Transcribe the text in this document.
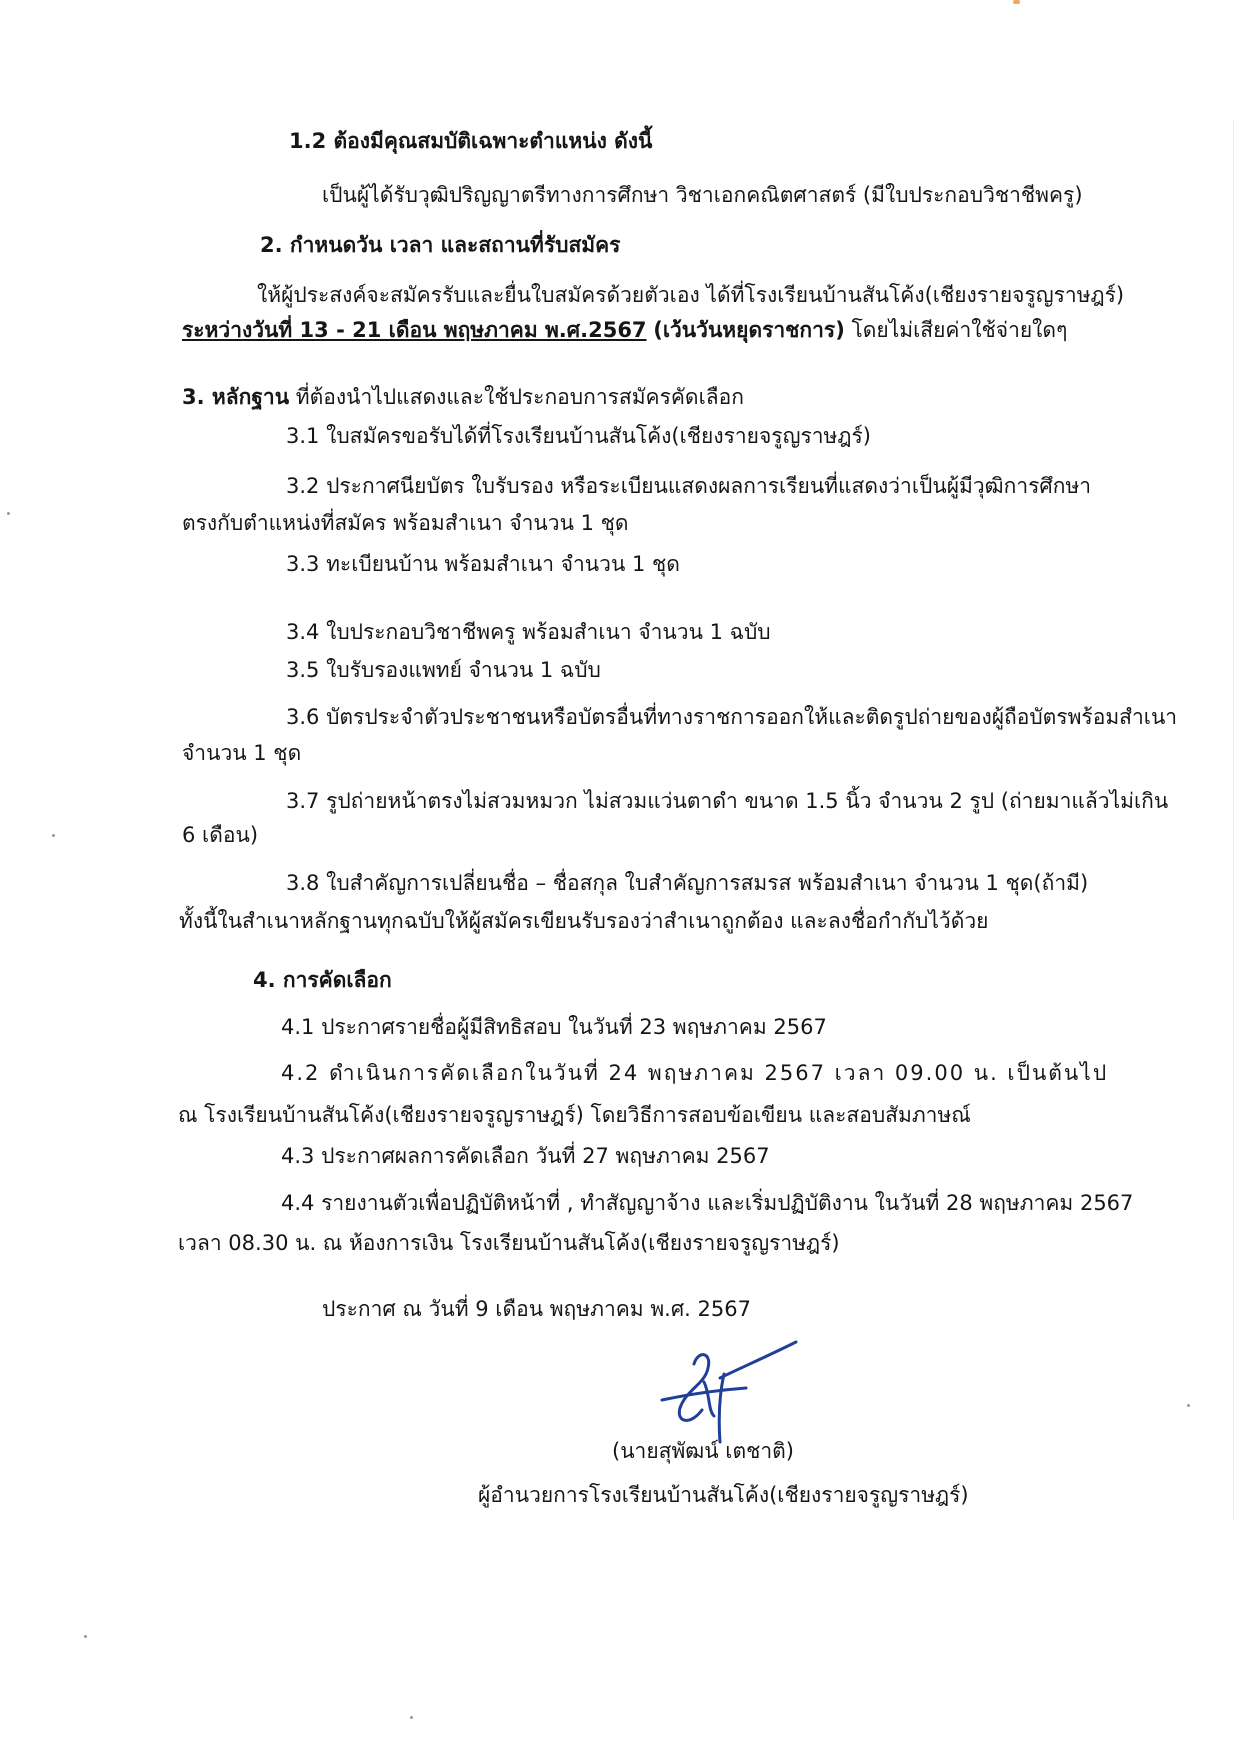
1.2 ต้องมีคุณสมบัติเฉพาะตำแหน่ง ดังนี้
เป็นผู้ได้รับวุฒิปริญญาตรีทางการศึกษา วิชาเอกคณิตศาสตร์ (มีใบประกอบวิชาชีพครู)
2. กำหนดวัน เวลา และสถานที่รับสมัคร
ให้ผู้ประสงค์จะสมัครรับและยื่นใบสมัครด้วยตัวเอง ได้ที่โรงเรียนบ้านสันโค้ง(เชียงรายจรูญราษฎร์)
ระหว่างวันที่ 13 - 21 เดือน พฤษภาคม พ.ศ.2567 (เว้นวันหยุดราชการ) โดยไม่เสียค่าใช้จ่ายใดๆ
3. หลักฐาน ที่ต้องนำไปแสดงและใช้ประกอบการสมัครคัดเลือก
3.1 ใบสมัครขอรับได้ที่โรงเรียนบ้านสันโค้ง(เชียงรายจรูญราษฎร์)
3.2 ประกาศนียบัตร ใบรับรอง หรือระเบียนแสดงผลการเรียนที่แสดงว่าเป็นผู้มีวุฒิการศึกษา
ตรงกับตำแหน่งที่สมัคร พร้อมสำเนา จำนวน 1 ชุด
3.3 ทะเบียนบ้าน พร้อมสำเนา จำนวน 1 ชุด
3.4 ใบประกอบวิชาชีพครู พร้อมสำเนา จำนวน 1 ฉบับ
3.5 ใบรับรองแพทย์ จำนวน 1 ฉบับ
3.6 บัตรประจำตัวประชาชนหรือบัตรอื่นที่ทางราชการออกให้และติดรูปถ่ายของผู้ถือบัตรพร้อมสำเนา
จำนวน 1 ชุด
3.7 รูปถ่ายหน้าตรงไม่สวมหมวก ไม่สวมแว่นตาดำ ขนาด 1.5 นิ้ว จำนวน 2 รูป (ถ่ายมาแล้วไม่เกิน
6 เดือน)
3.8 ใบสำคัญการเปลี่ยนชื่อ – ชื่อสกุล ใบสำคัญการสมรส พร้อมสำเนา จำนวน 1 ชุด(ถ้ามี)
ทั้งนี้ในสำเนาหลักฐานทุกฉบับให้ผู้สมัครเขียนรับรองว่าสำเนาถูกต้อง และลงชื่อกำกับไว้ด้วย
4. การคัดเลือก
4.1 ประกาศรายชื่อผู้มีสิทธิสอบ ในวันที่ 23 พฤษภาคม 2567
4.2 ดำเนินการคัดเลือกในวันที่ 24 พฤษภาคม 2567 เวลา 09.00 น. เป็นต้นไป
ณ โรงเรียนบ้านสันโค้ง(เชียงรายจรูญราษฎร์) โดยวิธีการสอบข้อเขียน และสอบสัมภาษณ์
4.3 ประกาศผลการคัดเลือก วันที่ 27 พฤษภาคม 2567
4.4 รายงานตัวเพื่อปฏิบัติหน้าที่ , ทำสัญญาจ้าง และเริ่มปฏิบัติงาน ในวันที่ 28 พฤษภาคม 2567
เวลา 08.30 น. ณ ห้องการเงิน โรงเรียนบ้านสันโค้ง(เชียงรายจรูญราษฎร์)
ประกาศ ณ วันที่ 9 เดือน พฤษภาคม พ.ศ. 2567
(นายสุพัฒน์ เตชาติ)
ผู้อำนวยการโรงเรียนบ้านสันโค้ง(เชียงรายจรูญราษฎร์)
